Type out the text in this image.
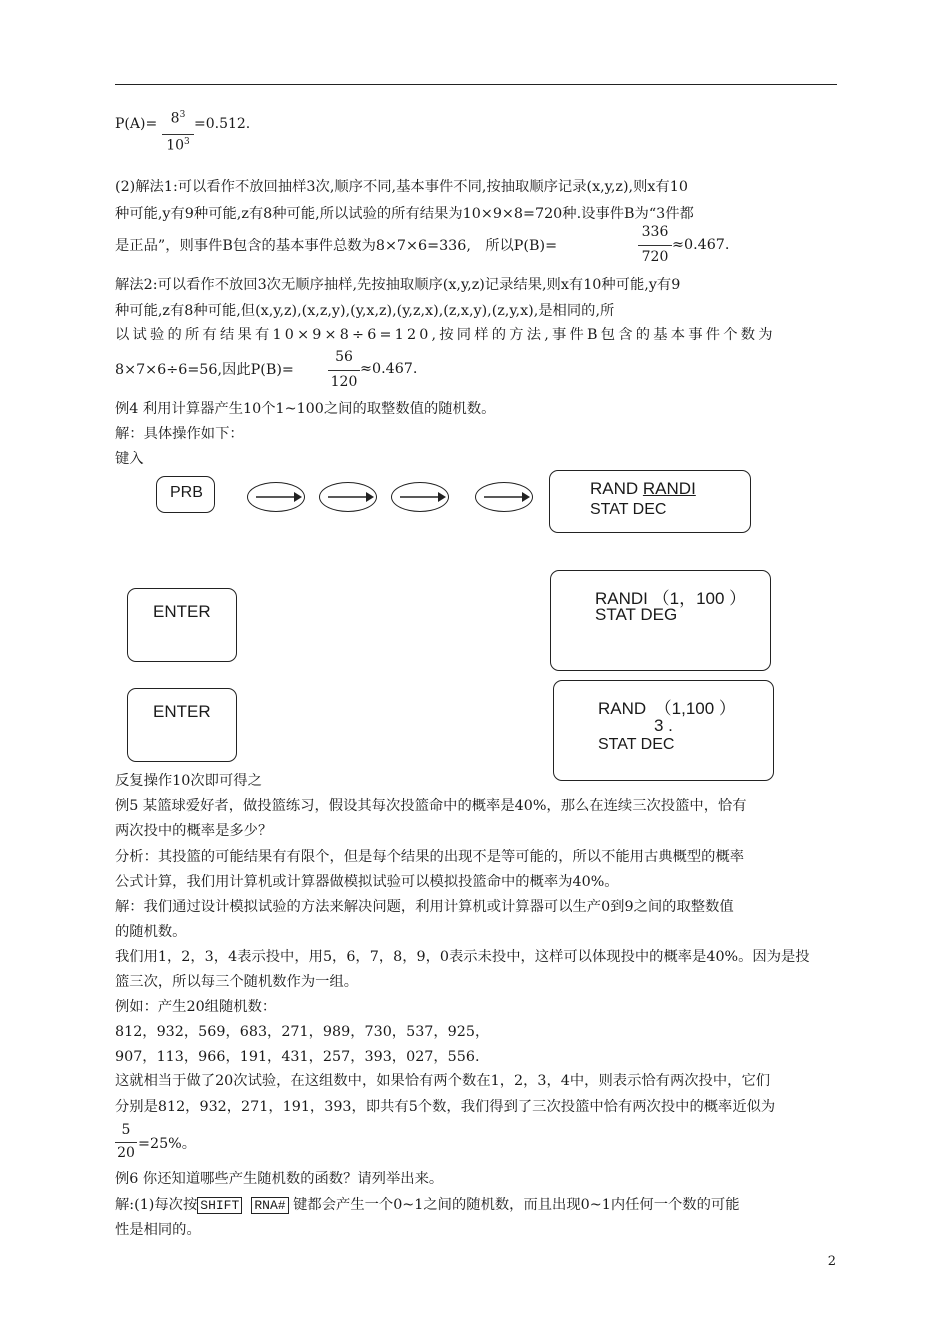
$P(A)= 8^3$
$10^3$
=0.512.
(2)解法1:可以看作不放回抽样3次,顺序不同,基本事件不同,按抽取顺序记录(x,y,z),则x有10
种可能,y有9种可能,z有8种可能,所以试验的所有结果为10×9×8=720种.设事件B为“3件都
是正品”，则事件B包含的基本事件总数为8×7×6=336,　所以P(B)=
336
720
≈0.467.
解法2:可以看作不放回3次无顺序抽样,先按抽取顺序(x,y,z)记录结果,则x有10种可能,y有9
种可能,z有8种可能,但(x,y,z),(x,z,y),(y,x,z),(y,z,x),(z,x,y),(z,y,x),是相同的,所
以试验的所有结果有10×9×8÷6=120,按同样的方法,事件B包含的基本事件个数为
8×7×6÷6=56,因此P(B)=
56
120
≈0.467.
例4 利用计算器产生10个1~100之间的取整数值的随机数。
解：具体操作如下：
键入
PRB	RAND RANDI
STAT DEC
ENTER
RANDI （1，100 ）
STAT DEG
ENTER	RAND　（1,100 ）
3 .
STAT DEC
反复操作10次即可得之
例5 某篮球爱好者，做投篮练习，假设其每次投篮命中的概率是40%，那么在连续三次投篮中，恰有
两次投中的概率是多少？
分析：其投篮的可能结果有有限个，但是每个结果的出现不是等可能的，所以不能用古典概型的概率
公式计算，我们用计算机或计算器做模拟试验可以模拟投篮命中的概率为40%。
解：我们通过设计模拟试验的方法来解决问题，利用计算机或计算器可以生产0到9之间的取整数值
的随机数。
我们用1，2，3，4表示投中，用5，6，7，8，9，0表示未投中，这样可以体现投中的概率是40%。因为是投
篮三次，所以每三个随机数作为一组。
例如：产生20组随机数：
812，932，569，683，271，989，730，537，925，
907，113，966，191，431，257，393，027，556.
这就相当于做了20次试验，在这组数中，如果恰有两个数在1，2，3，4中，则表示恰有两次投中，它们
分别是812，932，271，191，393，即共有5个数，我们得到了三次投篮中恰有两次投中的概率近似为
5
20
=25%。
例6 你还知道哪些产生随机数的函数？请列举出来。
解:(1)每次按 SHIFT RNA# 键都会产生一个0~1之间的随机数，而且出现0~1内任何一个数的可能
性是相同的。
2
